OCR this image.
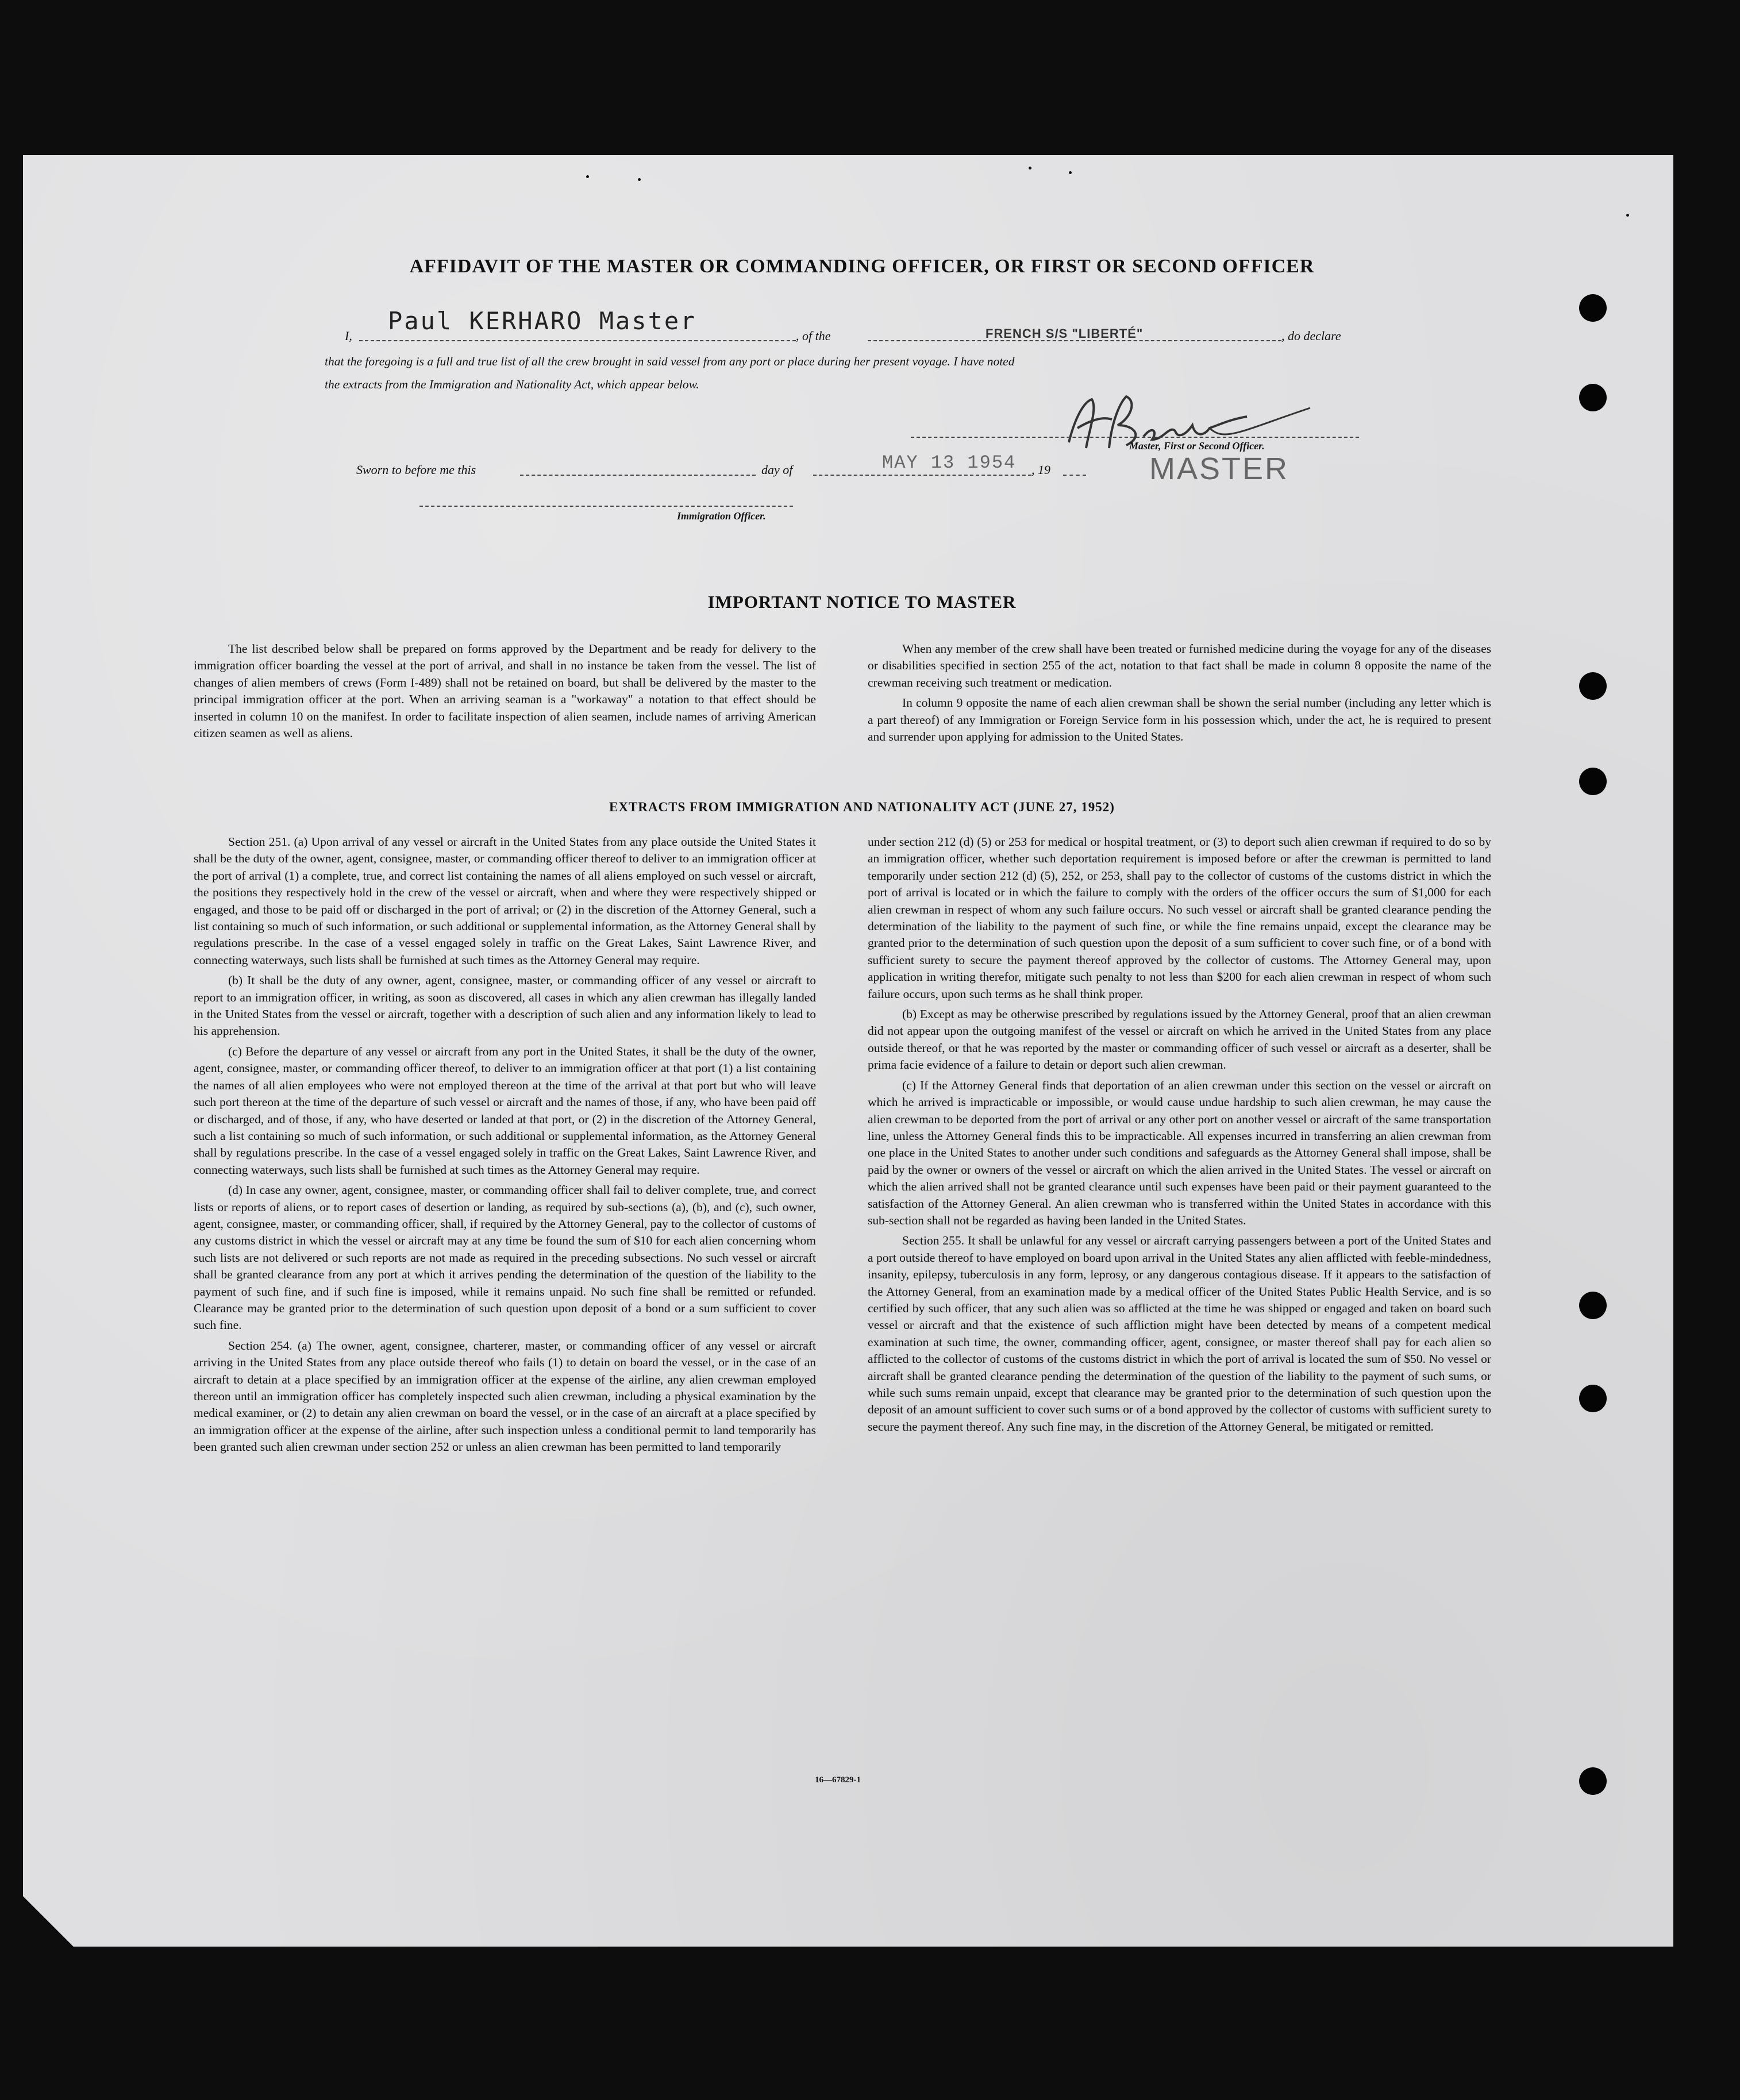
AFFIDAVIT OF THE MASTER OR COMMANDING OFFICER, OR FIRST OR SECOND OFFICER
I,
Paul KERHARO Master
, of the	FRENCH S/S "LIBERTÉ"	, do declare
that the foregoing is a full and true list of all the crew brought in said vessel from any port or place during her present voyage. I have noted
the extracts from the Immigration and Nationality Act, which appear below.
Master, First or Second Officer.
Sworn to before me this	day of	MAY 13 1954 , 19	MASTER
Immigration Officer.
IMPORTANT NOTICE TO MASTER

The list described below shall be prepared on forms approved by the Department and be ready for delivery to the immigration officer boarding the vessel at the port of arrival, and shall in no instance be taken from the vessel. The list of changes of alien members of crews (Form I-489) shall not be retained on board, but shall be delivered by the master to the principal immigration officer at the port. When an arriving seaman is a "workaway" a notation to that effect should be inserted in column 10 on the manifest. In order to facilitate inspection of alien seamen, include names of arriving American citizen seamen as well as aliens.

When any member of the crew shall have been treated or furnished medicine during the voyage for any of the diseases or disabilities specified in section 255 of the act, notation to that fact shall be made in column 8 opposite the name of the crewman receiving such treatment or medication.

In column 9 opposite the name of each alien crewman shall be shown the serial number (including any letter which is a part thereof) of any Immigration or Foreign Service form in his possession which, under the act, he is required to present and surrender upon applying for admission to the United States.

EXTRACTS FROM IMMIGRATION AND NATIONALITY ACT (JUNE 27, 1952)

Section 251. (a) Upon arrival of any vessel or aircraft in the United States from any place outside the United States it shall be the duty of the owner, agent, consignee, master, or commanding officer thereof to deliver to an immigration officer at the port of arrival (1) a complete, true, and correct list containing the names of all aliens employed on such vessel or aircraft, the positions they respectively hold in the crew of the vessel or aircraft, when and where they were respectively shipped or engaged, and those to be paid off or discharged in the port of arrival; or (2) in the discretion of the Attorney General, such a list containing so much of such information, or such additional or supplemental information, as the Attorney General shall by regulations prescribe. In the case of a vessel engaged solely in traffic on the Great Lakes, Saint Lawrence River, and connecting waterways, such lists shall be furnished at such times as the Attorney General may require.

(b) It shall be the duty of any owner, agent, consignee, master, or commanding officer of any vessel or aircraft to report to an immigration officer, in writing, as soon as discovered, all cases in which any alien crewman has illegally landed in the United States from the vessel or aircraft, together with a description of such alien and any information likely to lead to his apprehension.

(c) Before the departure of any vessel or aircraft from any port in the United States, it shall be the duty of the owner, agent, consignee, master, or commanding officer thereof, to deliver to an immigration officer at that port (1) a list containing the names of all alien employees who were not employed thereon at the time of the arrival at that port but who will leave such port thereon at the time of the departure of such vessel or aircraft and the names of those, if any, who have been paid off or discharged, and of those, if any, who have deserted or landed at that port, or (2) in the discretion of the Attorney General, such a list containing so much of such information, or such additional or supplemental information, as the Attorney General shall by regulations prescribe. In the case of a vessel engaged solely in traffic on the Great Lakes, Saint Lawrence River, and connecting waterways, such lists shall be furnished at such times as the Attorney General may require.

(d) In case any owner, agent, consignee, master, or commanding officer shall fail to deliver complete, true, and correct lists or reports of aliens, or to report cases of desertion or landing, as required by sub-sections (a), (b), and (c), such owner, agent, consignee, master, or commanding officer, shall, if required by the Attorney General, pay to the collector of customs of any customs district in which the vessel or aircraft may at any time be found the sum of $10 for each alien concerning whom such lists are not delivered or such reports are not made as required in the preceding subsections. No such vessel or aircraft shall be granted clearance from any port at which it arrives pending the determination of the question of the liability to the payment of such fine, and if such fine is imposed, while it remains unpaid. No such fine shall be remitted or refunded. Clearance may be granted prior to the determination of such question upon deposit of a bond or a sum sufficient to cover such fine.

Section 254. (a) The owner, agent, consignee, charterer, master, or commanding officer of any vessel or aircraft arriving in the United States from any place outside thereof who fails (1) to detain on board the vessel, or in the case of an aircraft to detain at a place specified by an immigration officer at the expense of the airline, any alien crewman employed thereon until an immigration officer has completely inspected such alien crewman, including a physical examination by the medical examiner, or (2) to detain any alien crewman on board the vessel, or in the case of an aircraft at a place specified by an immigration officer at the expense of the airline, after such inspection unless a conditional permit to land temporarily has been granted such alien crewman under section 252 or unless an alien crewman has been permitted to land temporarily

under section 212 (d) (5) or 253 for medical or hospital treatment, or (3) to deport such alien crewman if required to do so by an immigration officer, whether such deportation requirement is imposed before or after the crewman is permitted to land temporarily under section 212 (d) (5), 252, or 253, shall pay to the collector of customs of the customs district in which the port of arrival is located or in which the failure to comply with the orders of the officer occurs the sum of $1,000 for each alien crewman in respect of whom any such failure occurs. No such vessel or aircraft shall be granted clearance pending the determination of the liability to the payment of such fine, or while the fine remains unpaid, except the clearance may be granted prior to the determination of such question upon the deposit of a sum sufficient to cover such fine, or of a bond with sufficient surety to secure the payment thereof approved by the collector of customs. The Attorney General may, upon application in writing therefor, mitigate such penalty to not less than $200 for each alien crewman in respect of whom such failure occurs, upon such terms as he shall think proper.

(b) Except as may be otherwise prescribed by regulations issued by the Attorney General, proof that an alien crewman did not appear upon the outgoing manifest of the vessel or aircraft on which he arrived in the United States from any place outside thereof, or that he was reported by the master or commanding officer of such vessel or aircraft as a deserter, shall be prima facie evidence of a failure to detain or deport such alien crewman.

(c) If the Attorney General finds that deportation of an alien crewman under this section on the vessel or aircraft on which he arrived is impracticable or impossible, or would cause undue hardship to such alien crewman, he may cause the alien crewman to be deported from the port of arrival or any other port on another vessel or aircraft of the same transportation line, unless the Attorney General finds this to be impracticable. All expenses incurred in transferring an alien crewman from one place in the United States to another under such conditions and safeguards as the Attorney General shall impose, shall be paid by the owner or owners of the vessel or aircraft on which the alien arrived in the United States. The vessel or aircraft on which the alien arrived shall not be granted clearance until such expenses have been paid or their payment guaranteed to the satisfaction of the Attorney General. An alien crewman who is transferred within the United States in accordance with this sub-section shall not be regarded as having been landed in the United States.

Section 255. It shall be unlawful for any vessel or aircraft carrying passengers between a port of the United States and a port outside thereof to have employed on board upon arrival in the United States any alien afflicted with feeble-mindedness, insanity, epilepsy, tuberculosis in any form, leprosy, or any dangerous contagious disease. If it appears to the satisfaction of the Attorney General, from an examination made by a medical officer of the United States Public Health Service, and is so certified by such officer, that any such alien was so afflicted at the time he was shipped or engaged and taken on board such vessel or aircraft and that the existence of such affliction might have been detected by means of a competent medical examination at such time, the owner, commanding officer, agent, consignee, or master thereof shall pay for each alien so afflicted to the collector of customs of the customs district in which the port of arrival is located the sum of $50. No vessel or aircraft shall be granted clearance pending the determination of the question of the liability to the payment of such sums, or while such sums remain unpaid, except that clearance may be granted prior to the determination of such question upon the deposit of an amount sufficient to cover such sums or of a bond approved by the collector of customs with sufficient surety to secure the payment thereof. Any such fine may, in the discretion of the Attorney General, be mitigated or remitted.

16—67829-1
